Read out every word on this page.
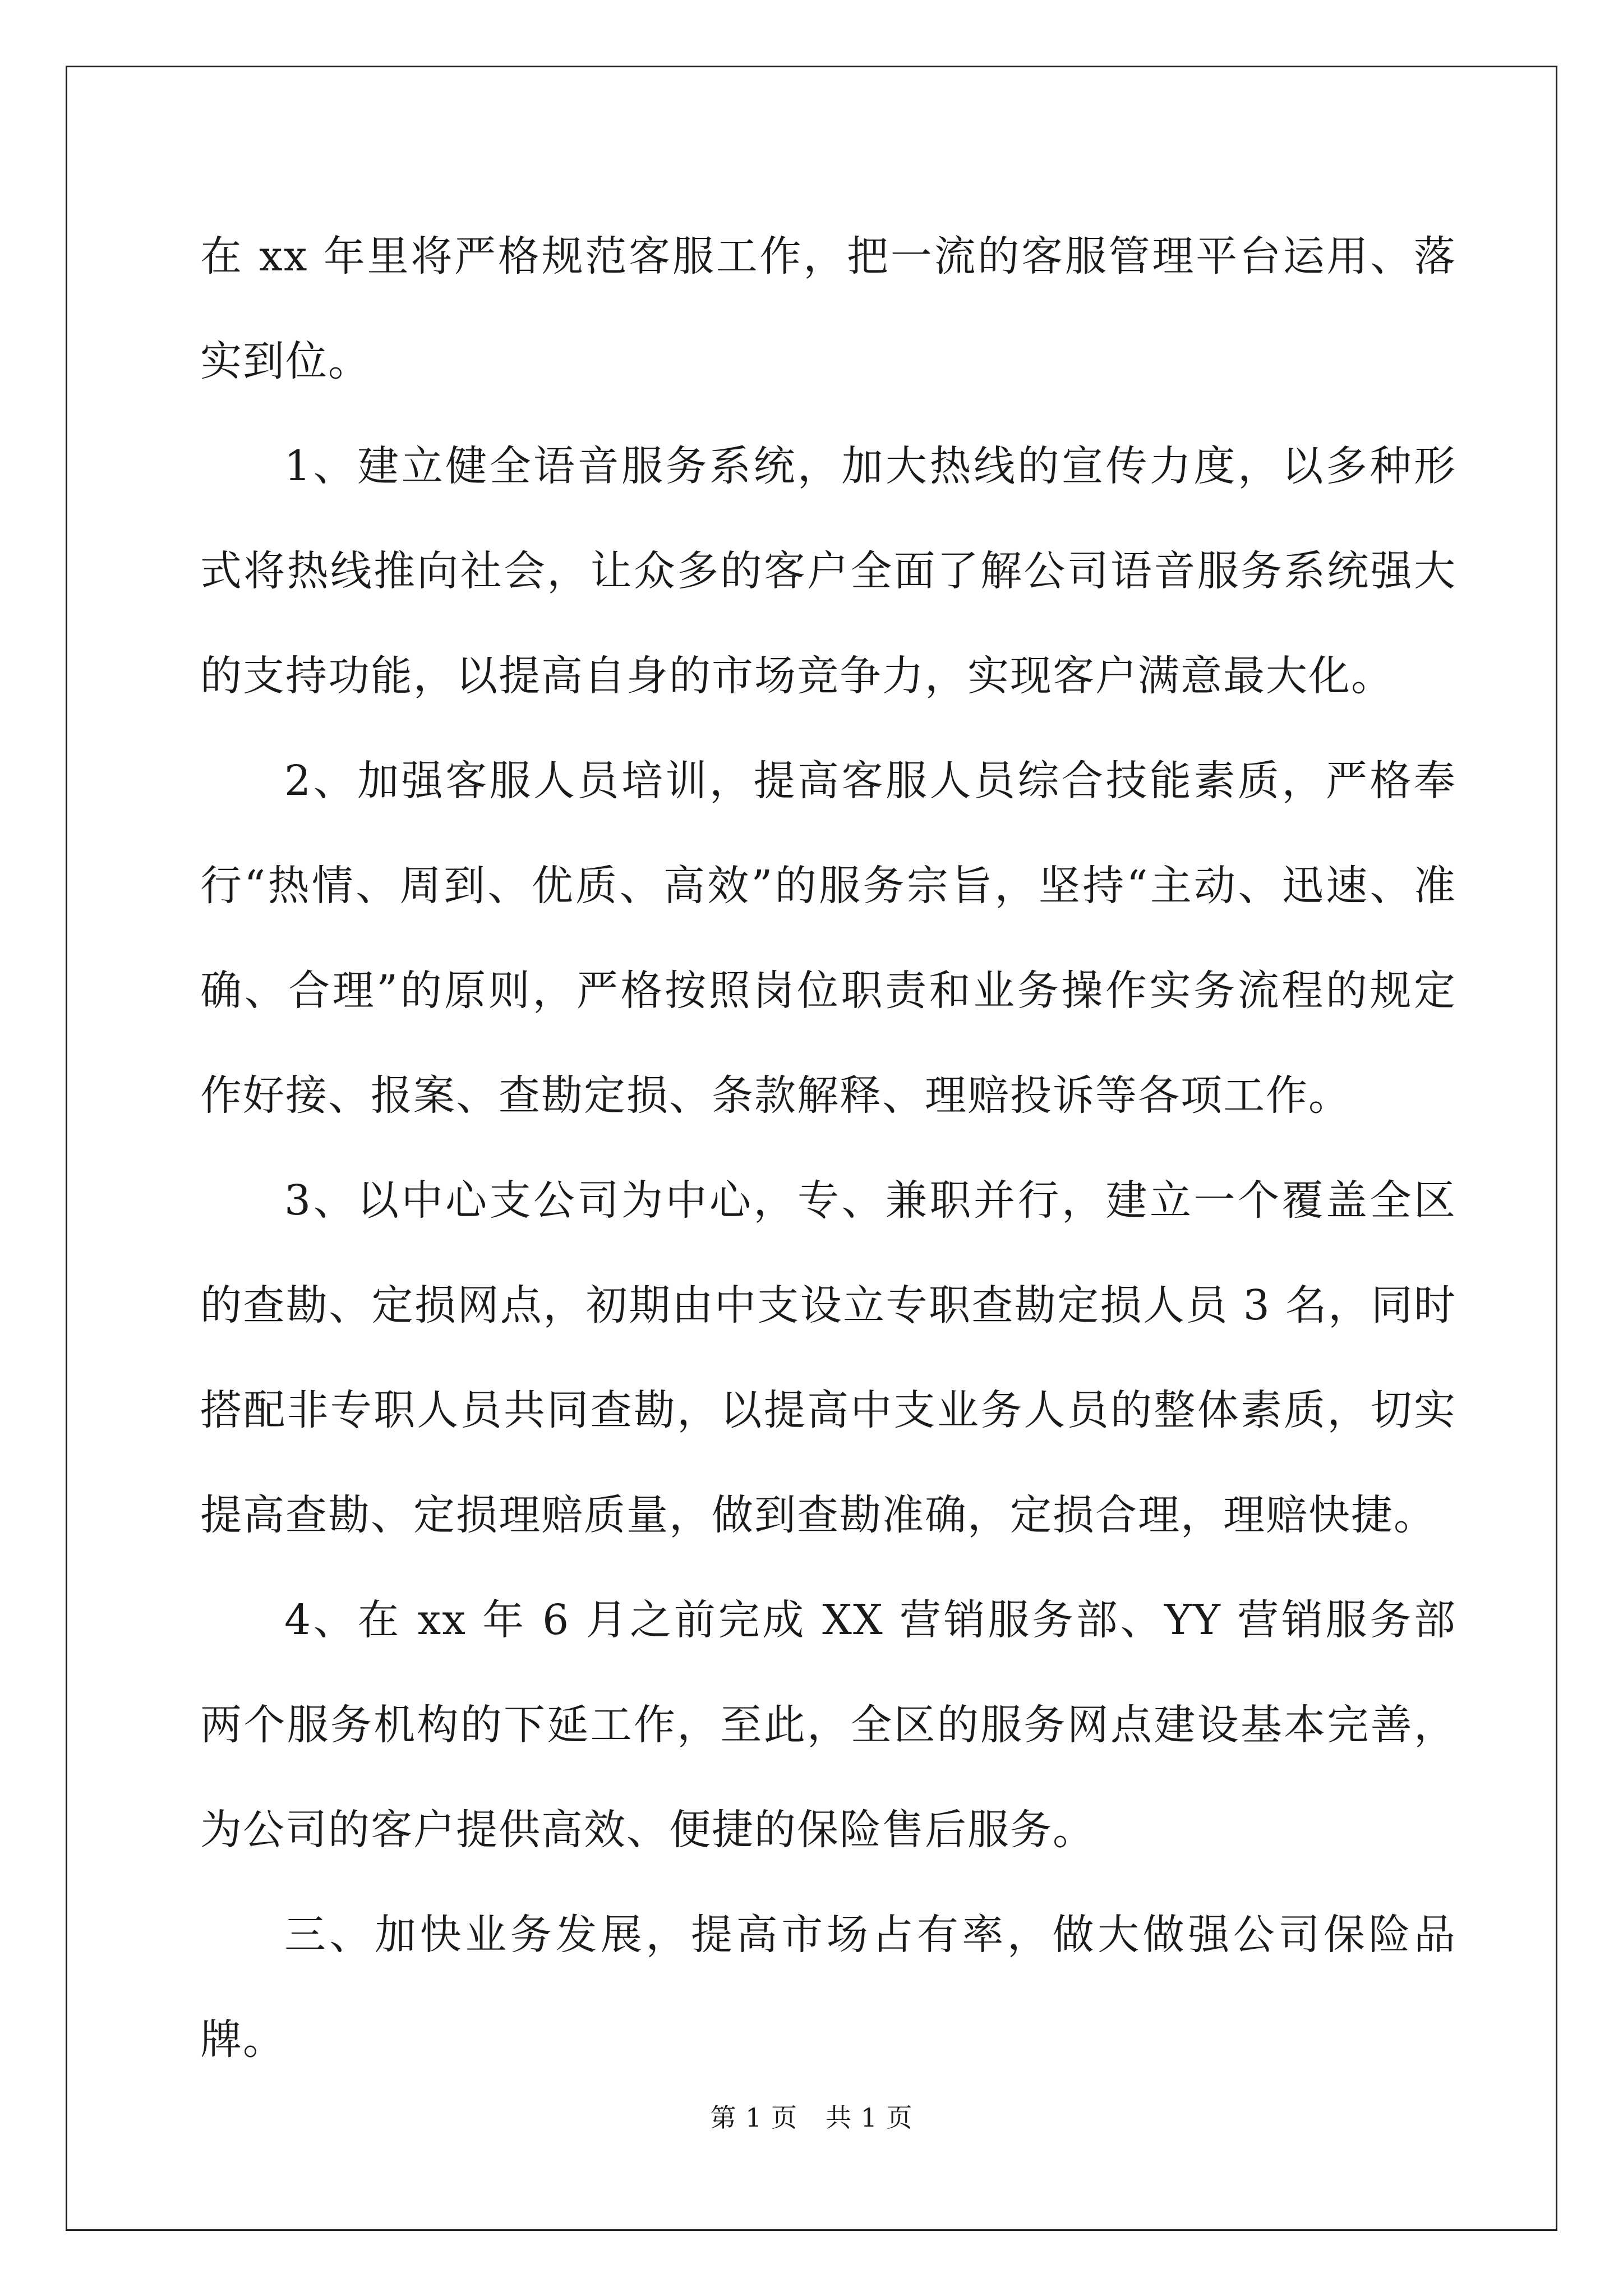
在 xx 年里将严格规范客服工作，把一流的客服管理平台运用、落实到位。

1、建立健全语音服务系统，加大热线的宣传力度，以多种形式将热线推向社会，让众多的客户全面了解公司语音服务系统强大的支持功能，以提高自身的市场竞争力，实现客户满意最大化。

2、加强客服人员培训，提高客服人员综合技能素质，严格奉行“热情、周到、优质、高效”的服务宗旨，坚持“主动、迅速、准确、合理”的原则，严格按照岗位职责和业务操作实务流程的规定作好接、报案、查勘定损、条款解释、理赔投诉等各项工作。

3、以中心支公司为中心，专、兼职并行，建立一个覆盖全区的查勘、定损网点，初期由中支设立专职查勘定损人员 3 名，同时搭配非专职人员共同查勘，以提高中支业务人员的整体素质，切实提高查勘、定损理赔质量，做到查勘准确，定损合理，理赔快捷。

4、在 xx 年 6 月之前完成 XX 营销服务部、YY 营销服务部两个服务机构的下延工作，至此，全区的服务网点建设基本完善，为公司的客户提供高效、便捷的保险售后服务。

三、加快业务发展，提高市场占有率，做大做强公司保险品牌。

第 1 页 共 1 页
